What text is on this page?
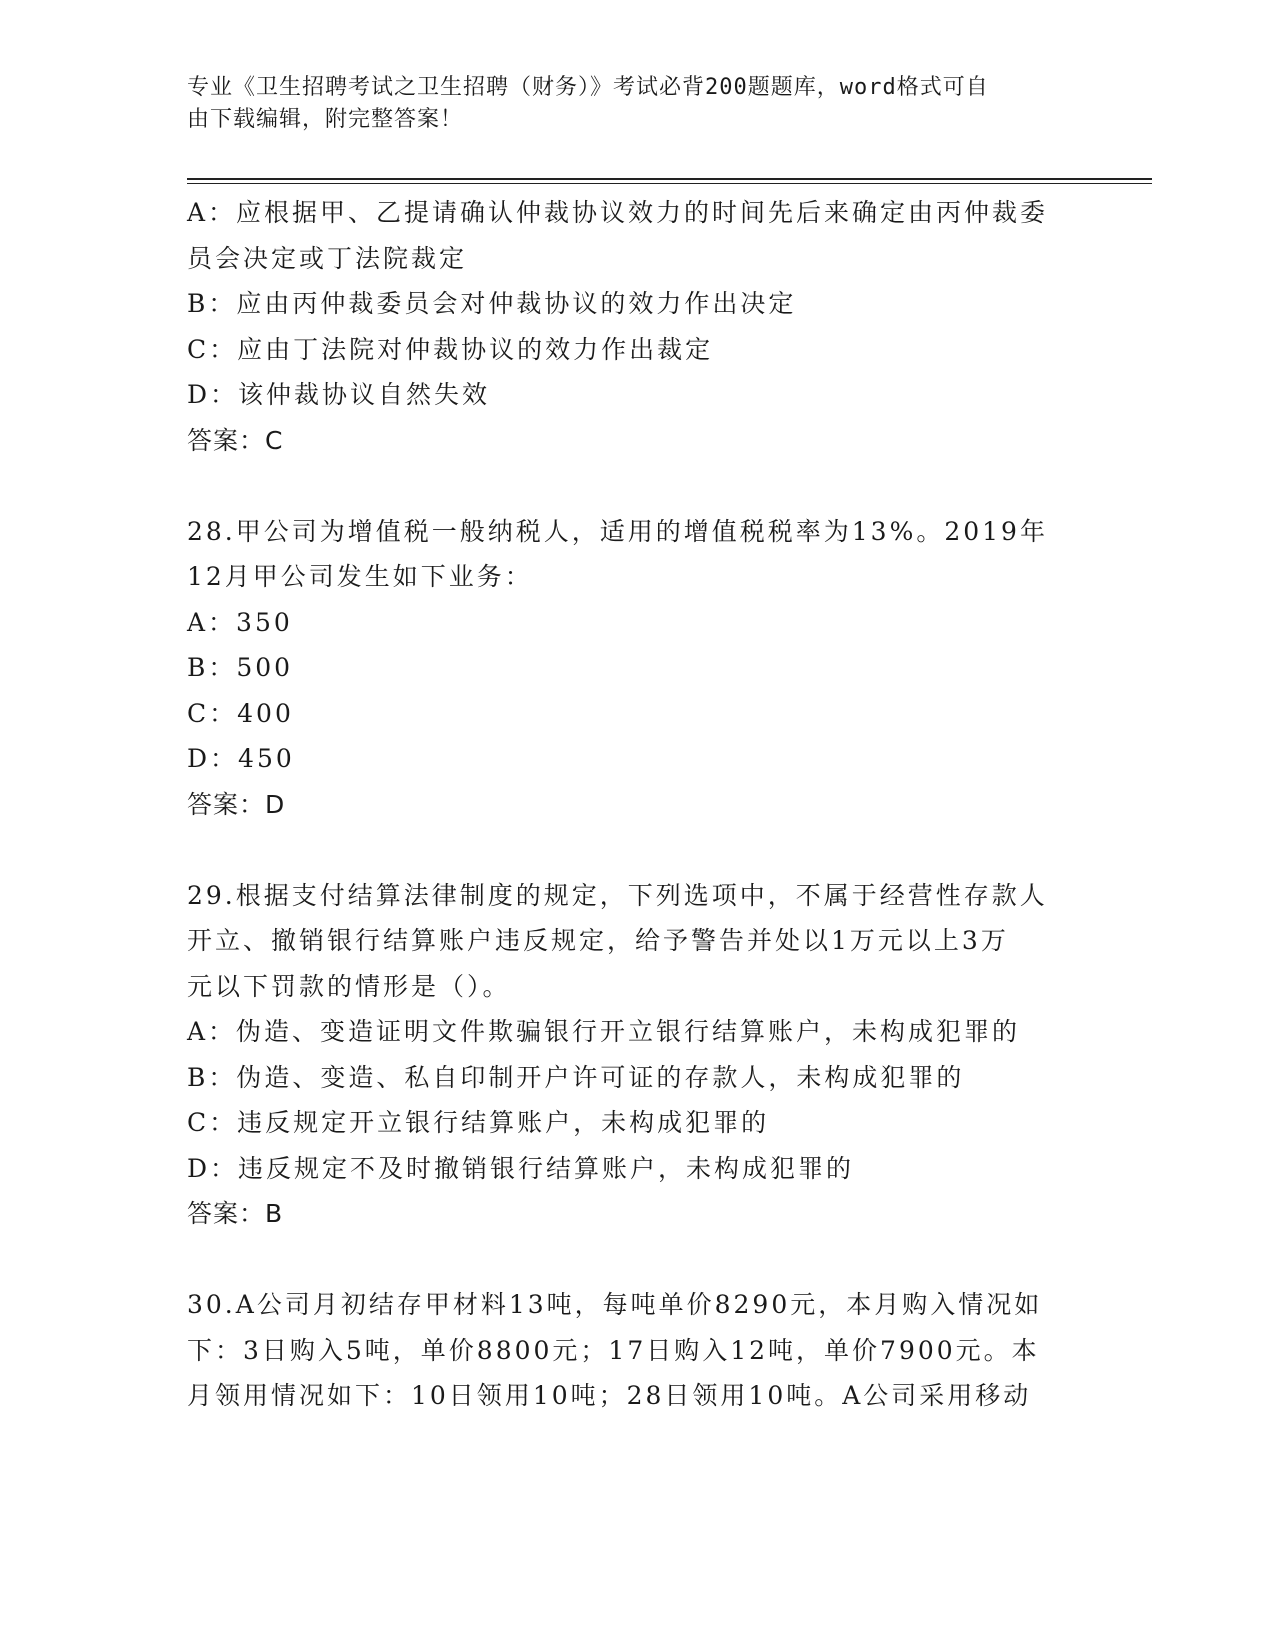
专业《卫生招聘考试之卫生招聘（财务）》考试必背200题题库，word格式可自
由下载编辑，附完整答案！
A：应根据甲、乙提请确认仲裁协议效力的时间先后来确定由丙仲裁委
员会决定或丁法院裁定
B：应由丙仲裁委员会对仲裁协议的效力作出决定
C：应由丁法院对仲裁协议的效力作出裁定
D：该仲裁协议自然失效
答案：C
28.甲公司为增值税一般纳税人，适用的增值税税率为13%。2019年
12月甲公司发生如下业务：
A：350
B：500
C：400
D：450
答案：D
29.根据支付结算法律制度的规定，下列选项中，不属于经营性存款人
开立、撤销银行结算账户违反规定，给予警告并处以1万元以上3万
元以下罚款的情形是（）。
A：伪造、变造证明文件欺骗银行开立银行结算账户，未构成犯罪的
B：伪造、变造、私自印制开户许可证的存款人，未构成犯罪的
C：违反规定开立银行结算账户，未构成犯罪的
D：违反规定不及时撤销银行结算账户，未构成犯罪的
答案：B
30.A公司月初结存甲材料13吨，每吨单价8290元，本月购入情况如
下：3日购入5吨，单价8800元；17日购入12吨，单价7900元。本
月领用情况如下：10日领用10吨；28日领用10吨。A公司采用移动
